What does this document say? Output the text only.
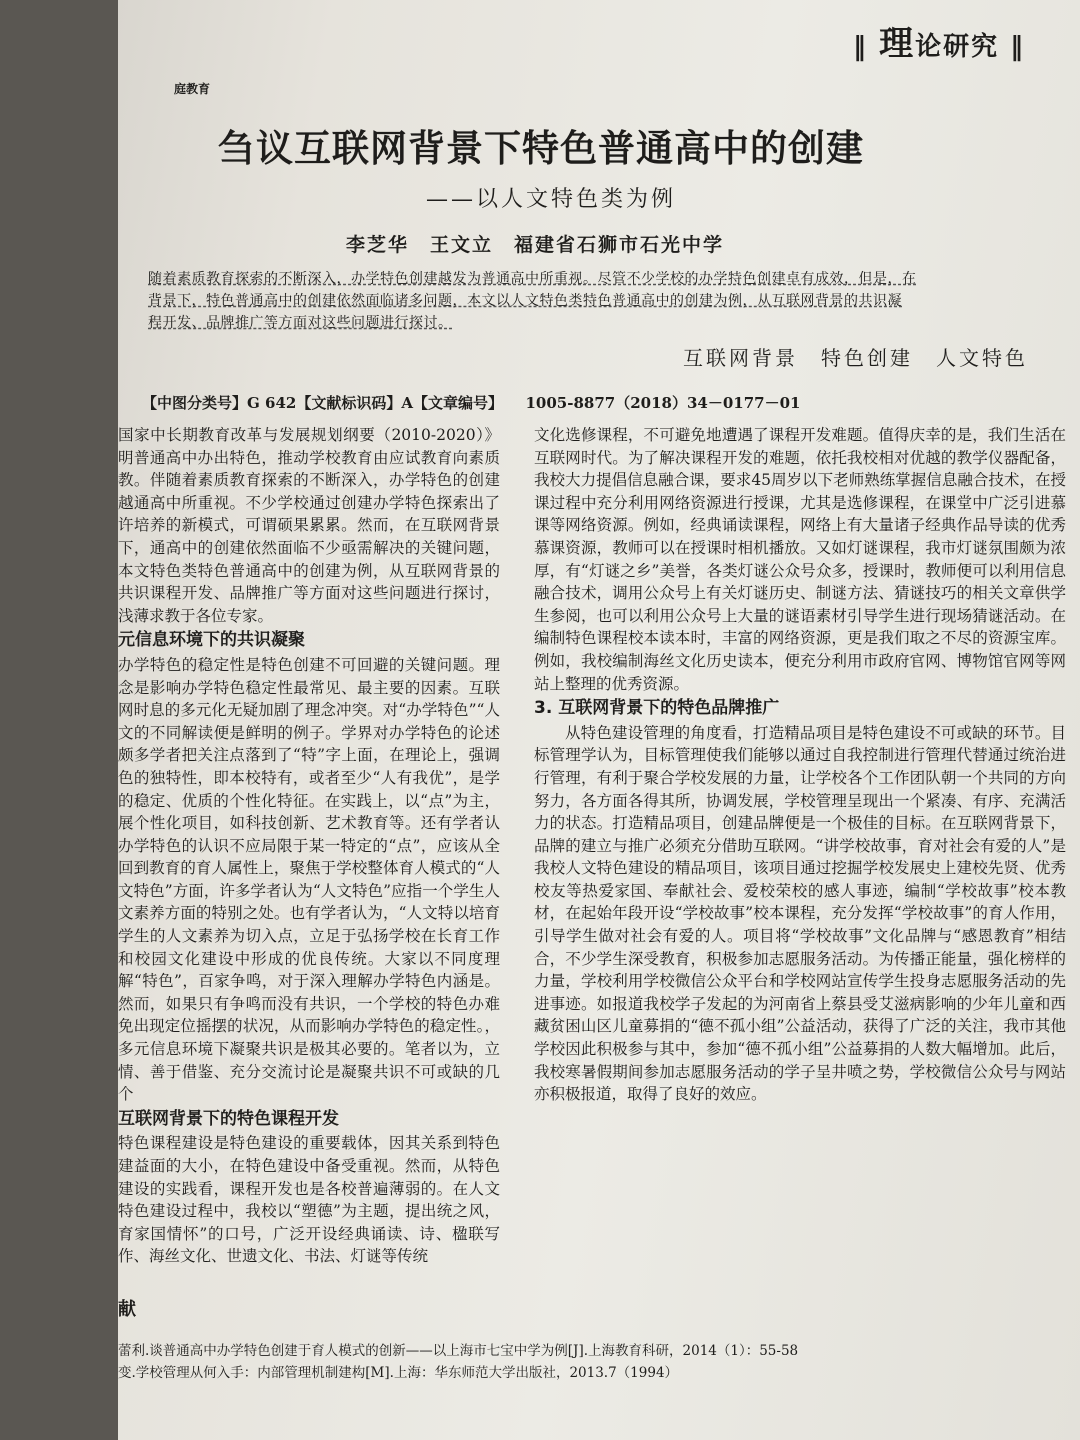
‖ 理论研究 ‖
庭教育
刍议互联网背景下特色普通高中的创建
——以人文特色类为例
李芝华　王文立　福建省石狮市石光中学
随着素质教育探索的不断深入，办学特色创建越发为普通高中所重视。尽管不少学校的办学特色创建卓有成效，但是，在
背景下，特色普通高中的创建依然面临诸多问题，本文以人文特色类特色普通高中的创建为例，从互联网背景的共识凝
程开发、品牌推广等方面对这些问题进行探讨。
互联网背景　特色创建　人文特色
【中图分类号】G 642【文献标识码】A【文章编号】　　1005-8877（2018）34－0177－01

国家中长期教育改革与发展规划纲要（2010-2020）》明普通高中办出特色，推动学校教育由应试教育向素质教。伴随着素质教育探索的不断深入，办学特色的创建越通高中所重视。不少学校通过创建办学特色探索出了许培养的新模式，可谓硕果累累。然而，在互联网背景下，通高中的创建依然面临不少亟需解决的关键问题，本文特色类特色普通高中的创建为例，从互联网背景的共识课程开发、品牌推广等方面对这些问题进行探讨，浅薄求教于各位专家。

元信息环境下的共识凝聚

办学特色的稳定性是特色创建不可回避的关键问题。理念是影响办学特色稳定性最常见、最主要的因素。互联网时息的多元化无疑加剧了理念冲突。对“办学特色”“人文的不同解读便是鲜明的例子。学界对办学特色的论述颇多学者把关注点落到了“特”字上面，在理论上，强调色的独特性，即本校特有，或者至少“人有我优”，是学的稳定、优质的个性化特征。在实践上，以“点”为主，展个性化项目，如科技创新、艺术教育等。还有学者认办学特色的认识不应局限于某一特定的“点”，应该从全回到教育的育人属性上，聚焦于学校整体育人模式的“人文特色”方面，许多学者认为“人文特色”应指一个学生人文素养方面的特别之处。也有学者认为，“人文特以培育学生的人文素养为切入点，立足于弘扬学校在长育工作和校园文化建设中形成的优良传统。大家以不同度理解“特色”，百家争鸣，对于深入理解办学特色内涵是。然而，如果只有争鸣而没有共识，一个学校的特色办难免出现定位摇摆的状况，从而影响办学特色的稳定性。，多元信息环境下凝聚共识是极其必要的。笔者以为，立情、善于借鉴、充分交流讨论是凝聚共识不可或缺的几个

互联网背景下的特色课程开发

特色课程建设是特色建设的重要载体，因其关系到特色建益面的大小，在特色建设中备受重视。然而，从特色建设的实践看，课程开发也是各校普遍薄弱的。在人文特色建设过程中，我校以“塑德”为主题，提出统之风，育家国情怀”的口号，广泛开设经典诵读、诗、楹联写作、海丝文化、世遗文化、书法、灯谜等传统

文化选修课程，不可避免地遭遇了课程开发难题。值得庆幸的是，我们生活在互联网时代。为了解决课程开发的难题，依托我校相对优越的教学仪器配备，我校大力提倡信息融合课，要求45周岁以下老师熟练掌握信息融合技术，在授课过程中充分利用网络资源进行授课，尤其是选修课程，在课堂中广泛引进慕课等网络资源。例如，经典诵读课程，网络上有大量诸子经典作品导读的优秀慕课资源，教师可以在授课时相机播放。又如灯谜课程，我市灯谜氛围颇为浓厚，有“灯谜之乡”美誉，各类灯谜公众号众多，授课时，教师便可以利用信息融合技术，调用公众号上有关灯谜历史、制谜方法、猜谜技巧的相关文章供学生参阅，也可以利用公众号上大量的谜语素材引导学生进行现场猜谜活动。在编制特色课程校本读本时，丰富的网络资源，更是我们取之不尽的资源宝库。例如，我校编制海丝文化历史读本，便充分利用市政府官网、博物馆官网等网站上整理的优秀资源。

3. 互联网背景下的特色品牌推广

从特色建设管理的角度看，打造精品项目是特色建设不可或缺的环节。目标管理学认为，目标管理使我们能够以通过自我控制进行管理代替通过统治进行管理，有利于聚合学校发展的力量，让学校各个工作团队朝一个共同的方向努力，各方面各得其所，协调发展，学校管理呈现出一个紧凑、有序、充满活力的状态。打造精品项目，创建品牌便是一个极佳的目标。在互联网背景下，品牌的建立与推广必须充分借助互联网。“讲学校故事，育对社会有爱的人”是我校人文特色建设的精品项目，该项目通过挖掘学校发展史上建校先贤、优秀校友等热爱家国、奉献社会、爱校荣校的感人事迹，编制“学校故事”校本教材，在起始年段开设“学校故事”校本课程，充分发挥“学校故事”的育人作用，引导学生做对社会有爱的人。项目将“学校故事”文化品牌与“感恩教育”相结合，不少学生深受教育，积极参加志愿服务活动。为传播正能量，强化榜样的力量，学校利用学校微信公众平台和学校网站宣传学生投身志愿服务活动的先进事迹。如报道我校学子发起的为河南省上蔡县受艾滋病影响的少年儿童和西藏贫困山区儿童募捐的“德不孤小组”公益活动，获得了广泛的关注，我市其他学校因此积极参与其中，参加“德不孤小组”公益募捐的人数大幅增加。此后，我校寒暑假期间参加志愿服务活动的学子呈井喷之势，学校微信公众号与网站亦积极报道，取得了良好的效应。

献

蕾利.谈普通高中办学特色创建于育人模式的创新——以上海市七宝中学为例[J].上海教育科研，2014（1）：55-58

变.学校管理从何入手：内部管理机制建构[M].上海：华东师范大学出版社，2013.7（1994）
